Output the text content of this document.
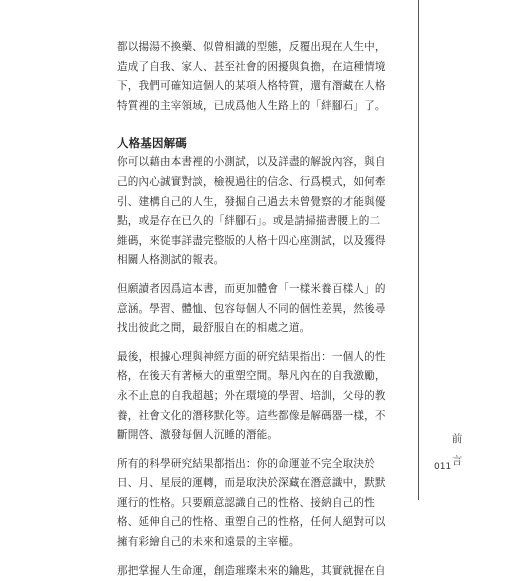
都以揚湯不換藥、似曾相識的型態，反覆出現在人生中，造成了自我、家人、甚至社會的困擾與負擔，在這種情境下，我們可確知這個人的某項人格特質，還有潛藏在人格特質裡的主宰領域，已成爲他人生路上的「絆腳石」了。

人格基因解碼

你可以藉由本書裡的小測試，以及詳盡的解說內容，與自己的內心誠實對談，檢視過往的信念、行爲模式，如何牽引、建構自己的人生，發掘自己過去未曾覺察的才能與優點，或是存在已久的「絆腳石」。或是請掃描書腰上的二維碼，來從事詳盡完整版的人格十四心座測試，以及獲得相關人格測試的報表。

但願讀者因爲這本書，而更加體會「一樣米養百樣人」的意涵。學習、體恤、包容每個人不同的個性差異，然後尋找出彼此之間，最舒服自在的相處之道。

最後，根據心理與神經方面的研究結果指出：一個人的性格，在後天有著極大的重塑空間。舉凡內在的自我激勵，永不止息的自我超越；外在環境的學習、培訓，父母的教養，社會文化的潛移默化等。這些都像是解碼器一樣，不斷開啓、激發每個人沉睡的潛能。

所有的科學研究結果都指出：你的命運並不完全取決於日、月、星辰的運轉，而是取決於深藏在潛意識中，默默運行的性格。只要願意認識自己的性格、接納自己的性格、延伸自己的性格、重塑自己的性格，任何人絕對可以擁有彩繪自己的未來和遠景的主宰權。

那把掌握人生命運，創造璀璨未來的鑰匙，其實就握在自

前
言
011
